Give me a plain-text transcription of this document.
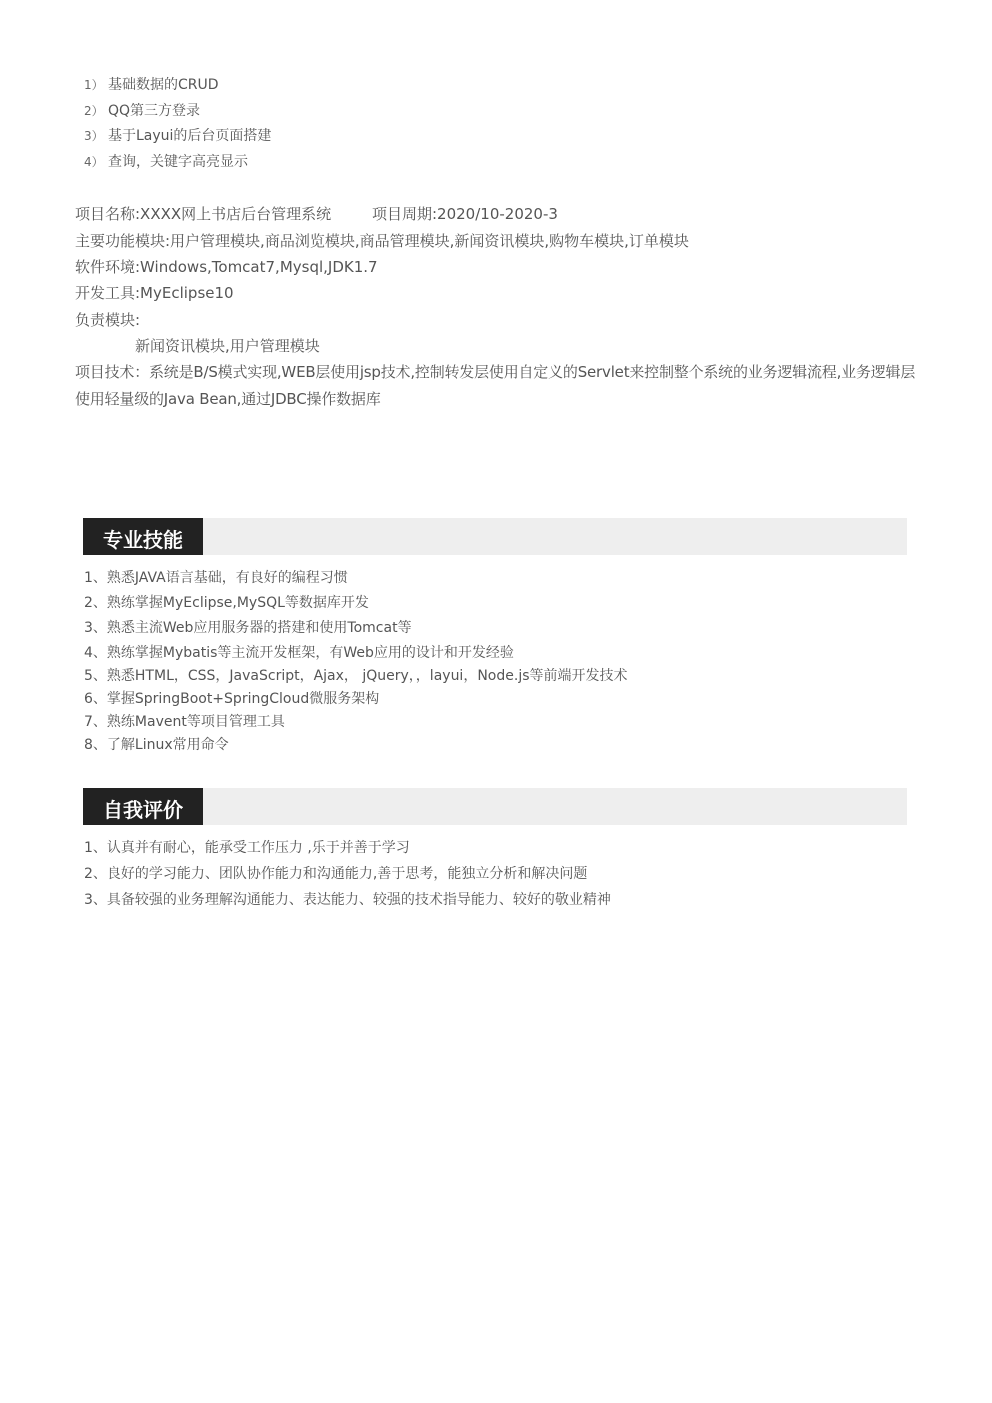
1） 基础数据的CRUD
2） QQ第三方登录
3） 基于Layui的后台页面搭建
4） 查询，关键字高亮显示
项目名称:XXXX网上书店后台管理系统	项目周期:2020/10-2020-3
主要功能模块:用户管理模块,商品浏览模块,商品管理模块,新闻资讯模块,购物车模块,订单模块
软件环境:Windows,Tomcat7,Mysql,JDK1.7
开发工具:MyEclipse10
负责模块:
新闻资讯模块,用户管理模块
项目技术：系统是B/S模式实现,WEB层使用jsp技术,控制转发层使用自定义的Servlet来控制整个系统的业务逻辑流程,业务逻辑层使用轻量级的Java Bean,通过JDBC操作数据库
专业技能
1、熟悉JAVA语言基础，有良好的编程习惯
2、熟练掌握MyEclipse,MySQL等数据库开发
3、熟悉主流Web应用服务器的搭建和使用Tomcat等
4、熟练掌握Mybatis等主流开发框架，有Web应用的设计和开发经验
5、熟悉HTML，CSS，JavaScript，Ajax， jQuery，，layui，Node.js等前端开发技术
6、掌握SpringBoot+SpringCloud微服务架构
7、熟练Mavent等项目管理工具
8、了解Linux常用命令
自我评价
1、认真并有耐心，能承受工作压力 ,乐于并善于学习
2、良好的学习能力、团队协作能力和沟通能力,善于思考，能独立分析和解决问题
3、具备较强的业务理解沟通能力、表达能力、较强的技术指导能力、较好的敬业精神
